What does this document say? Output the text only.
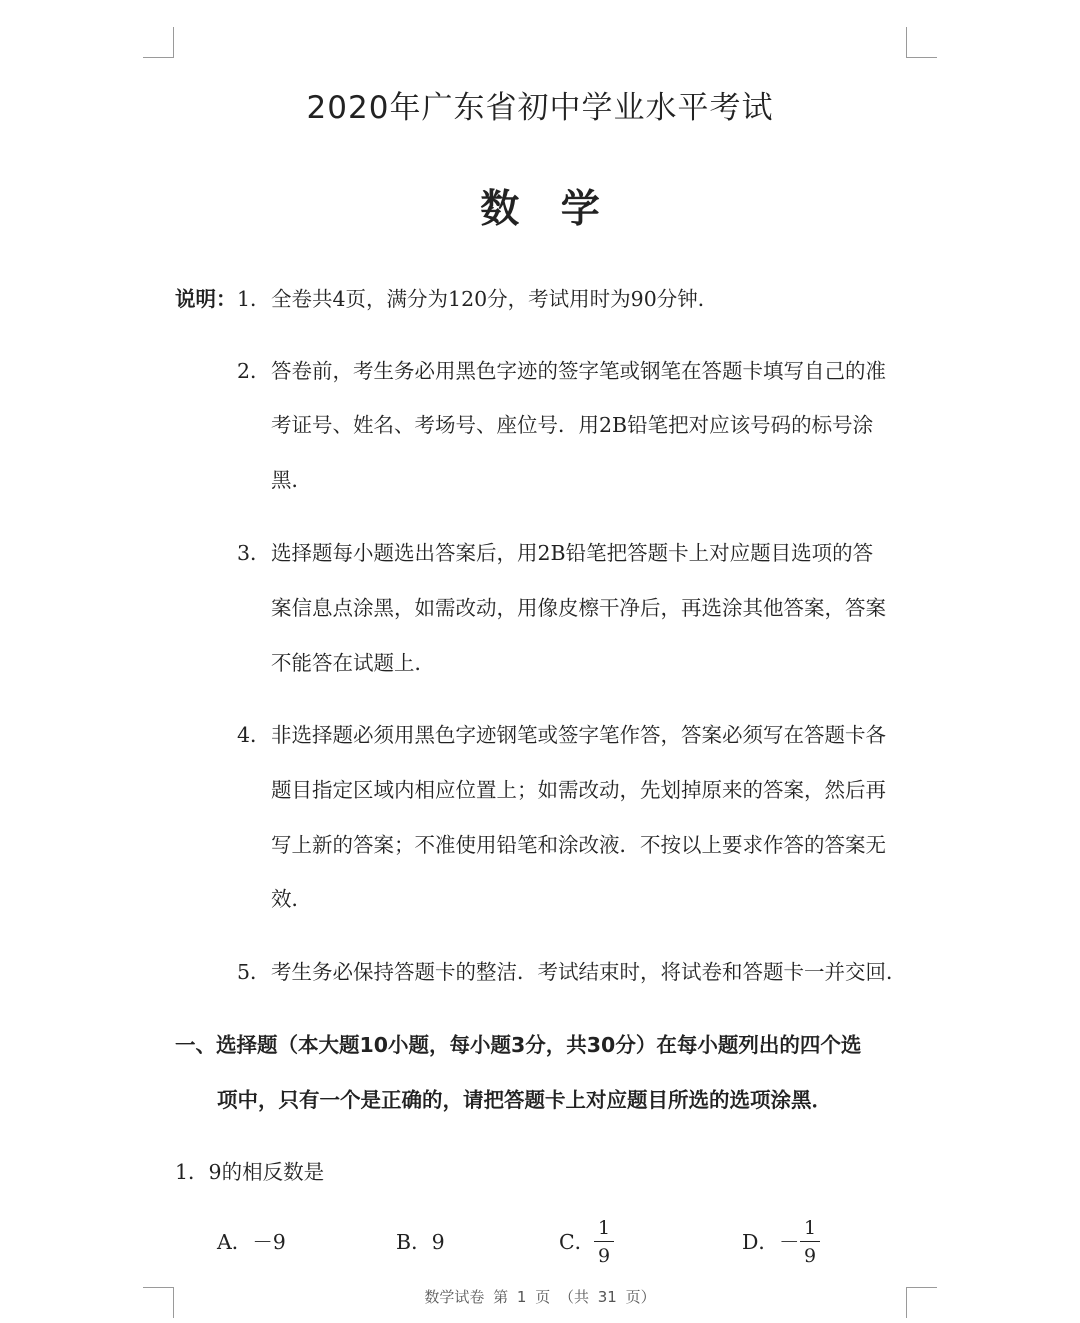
2020年广东省初中学业水平考试
数 学
说明： 1．全卷共4页，满分为120分，考试用时为90分钟．
2．答卷前，考生务必用黑色字迹的签字笔或钢笔在答题卡填写自己的准
考证号、姓名、考场号、座位号．用2B铅笔把对应该号码的标号涂
黑．
3．选择题每小题选出答案后，用2B铅笔把答题卡上对应题目选项的答
案信息点涂黑，如需改动，用像皮檫干净后，再选涂其他答案，答案
不能答在试题上．
4．非选择题必须用黑色字迹钢笔或签字笔作答，答案必须写在答题卡各
题目指定区域内相应位置上；如需改动，先划掉原来的答案，然后再
写上新的答案；不准使用铅笔和涂改液．不按以上要求作答的答案无
效．
5．考生务必保持答题卡的整洁．考试结束时，将试卷和答题卡一并交回．
一、选择题（本大题10小题，每小题3分，共30分）在每小题列出的四个选
项中，只有一个是正确的，请把答题卡上对应题目所选的选项涂黑．
1．9的相反数是
A．－9	B．9	C．
1
9
D．－
1
9
数学试卷 第 1 页 （共 31 页）
